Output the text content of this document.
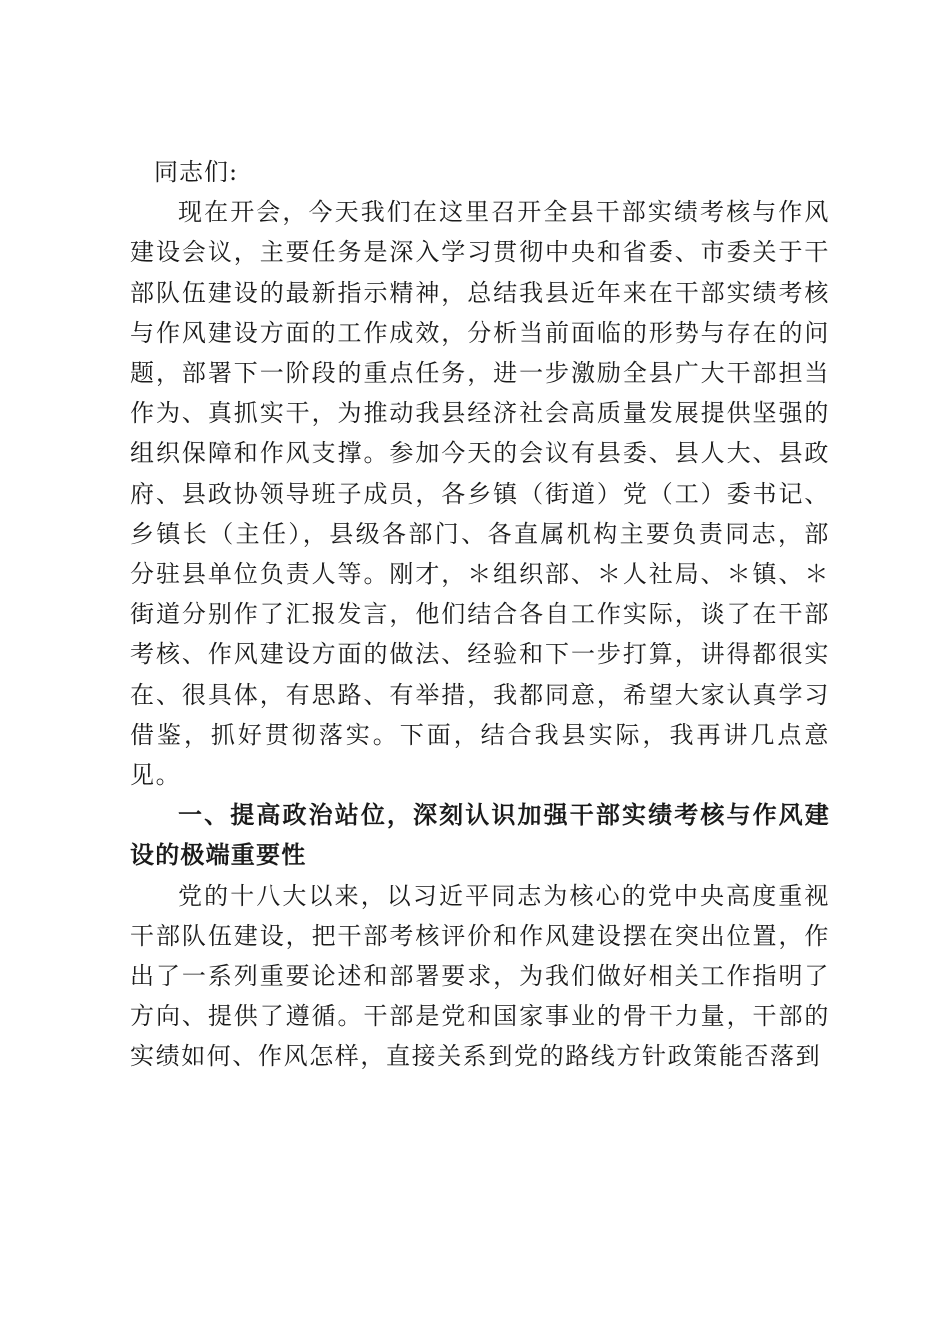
同志们:

现在开会，今天我们在这里召开全县干部实绩考核与作风建设会议，主要任务是深入学习贯彻中央和省委、市委关于干部队伍建设的最新指示精神，总结我县近年来在干部实绩考核与作风建设方面的工作成效，分析当前面临的形势与存在的问题，部署下一阶段的重点任务，进一步激励全县广大干部担当作为、真抓实干，为推动我县经济社会高质量发展提供坚强的组织保障和作风支撑。参加今天的会议有县委、县人大、县政府、县政协领导班子成员，各乡镇（街道）党（工）委书记、乡镇长（主任），县级各部门、各直属机构主要负责同志，部分驻县单位负责人等。刚才，＊组织部、＊人社局、＊镇、＊街道分别作了汇报发言，他们结合各自工作实际，谈了在干部考核、作风建设方面的做法、经验和下一步打算，讲得都很实在、很具体，有思路、有举措，我都同意，希望大家认真学习借鉴，抓好贯彻落实。下面，结合我县实际，我再讲几点意见。

一、提高政治站位，深刻认识加强干部实绩考核与作风建设的极端重要性

党的十八大以来，以习近平同志为核心的党中央高度重视干部队伍建设，把干部考核评价和作风建设摆在突出位置，作出了一系列重要论述和部署要求，为我们做好相关工作指明了方向、提供了遵循。干部是党和国家事业的骨干力量，干部的实绩如何、作风怎样，直接关系到党的路线方针政策能否落到
